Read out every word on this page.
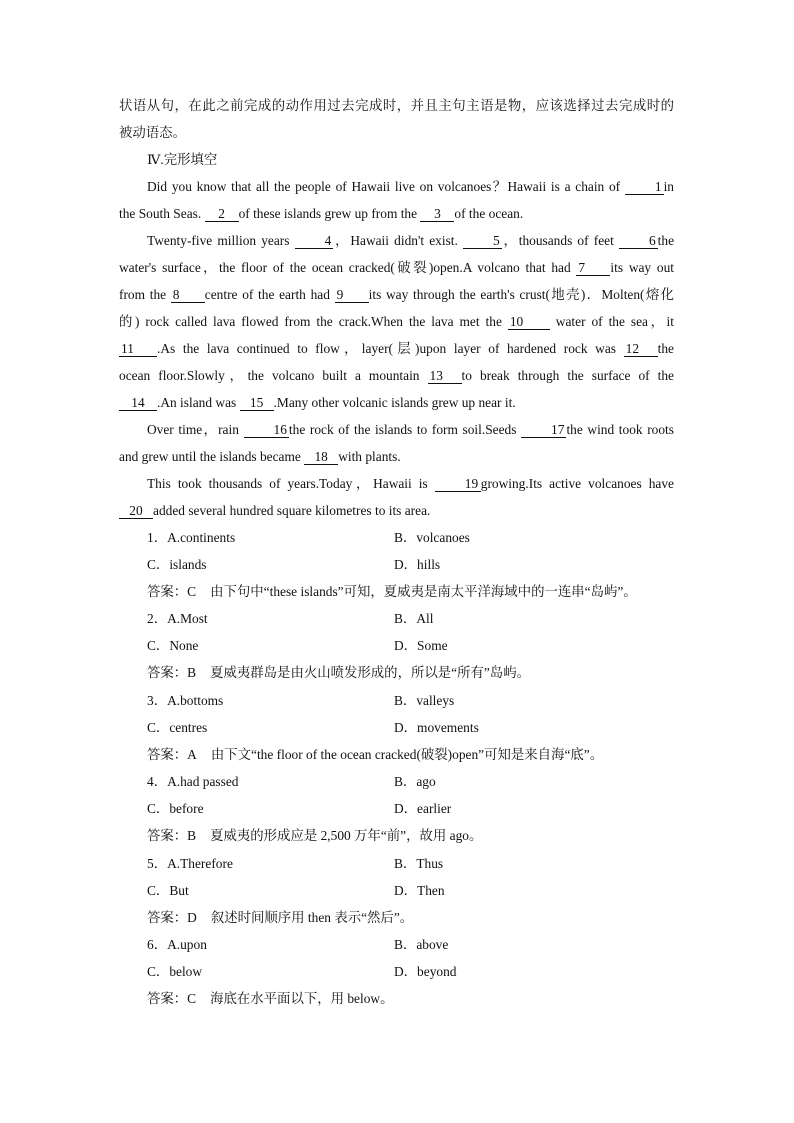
状语从句，在此之前完成的动作用过去完成时，并且主句主语是物，应该选择过去完成时的
被动语态。
Ⅳ.完形填空
Did you know that all the people of Hawaii live on volcanoes？Hawaii is a chain of 1 in
the South Seas. 2 of these islands grew up from the 3 of the ocean.
Twenty-five million years 4 ，Hawaii didn't exist. 5 ，thousands of feet 6 the
water's surface，the floor of the ocean cracked(破裂)open.A volcano that had 7 its way out
from the 8 centre of the earth had 9 its way through the earth's crust(地壳)．Molten(熔化
的) rock called lava flowed from the crack.When the lava met the 10 water of the sea，it
11 .As the lava continued to flow，layer(层)upon layer of hardened rock was 12 the
ocean floor.Slowly，the volcano built a mountain 13 to break through the surface of the
14 .An island was 15 .Many other volcanic islands grew up near it.
Over time，rain 16 the rock of the islands to form soil.Seeds 17 the wind took roots
and grew until the islands became 18 with plants.
This took thousands of years.Today，Hawaii is 19 growing.Its active volcanoes have
20 added several hundred square kilometres to its area.
1．A.continents	B．volcanoes
C．islands	D．hills
答案：C 由下句中“these islands”可知，夏威夷是南太平洋海域中的一连串“岛屿”。
2．A.Most	B．All
C．None	D．Some
答案：B 夏威夷群岛是由火山喷发形成的，所以是“所有”岛屿。
3．A.bottoms	B．valleys
C．centres	D．movements
答案：A 由下文“the floor of the ocean cracked(破裂)open”可知是来自海“底”。
4．A.had passed	B．ago
C．before	D．earlier
答案：B 夏威夷的形成应是 2,500 万年“前”，故用 ago。
5．A.Therefore	B．Thus
C．But	D．Then
答案：D 叙述时间顺序用 then 表示“然后”。
6．A.upon	B．above
C．below	D．beyond
答案：C 海底在水平面以下，用 below。
